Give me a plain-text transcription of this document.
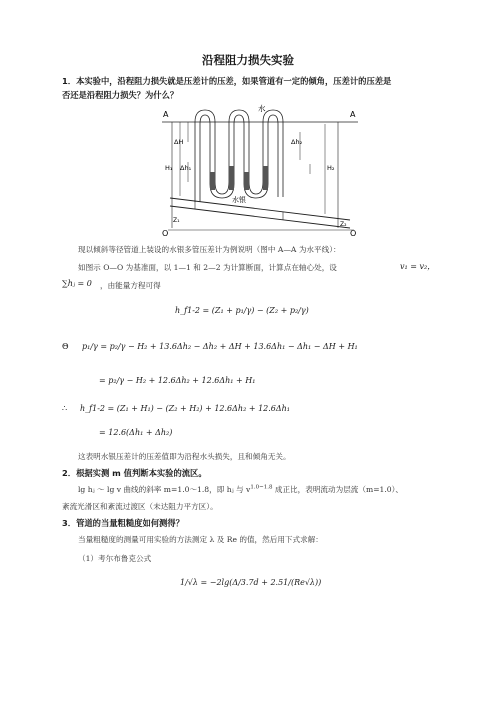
沿程阻力损失实验
1．本实验中，沿程阻力损失就是压差计的压差，如果管道有一定的倾角，压差计的压差是
否还是沿程阻力损失？为什么？
A	A
水
ΔH
Δh₁
H₁
Δh₂
H₂
水银
Z₁
Z₂
O	O
现以倾斜等径管道上装设的水银多管压差计为例说明（图中 A—A 为水平线）：
如图示 O—O 为基准面，以 1—1 和 2—2 为计算断面，计算点在轴心处，设	v₁ = v₂，
∑hⱼ = 0 ，由能量方程可得
h_f1-2 = (Z₁ + p₁/γ) − (Z₂ + p₂/γ)
Θ p₁/γ = p₂/γ − H₂ + 13.6Δh₂ − Δh₂ + ΔH + 13.6Δh₁ − Δh₁ − ΔH + H₁
= p₂/γ − H₂ + 12.6Δh₂ + 12.6Δh₁ + H₁
∴ h_f1-2 = (Z₁ + H₁) − (Z₂ + H₂) + 12.6Δh₂ + 12.6Δh₁
= 12.6(Δh₁ + Δh₂)
这表明水银压差计的压差值即为沿程水头损失，且和倾角无关。
2．根据实测 m 值判断本实验的流区。
lg hⱼ ～ lg v 曲线的斜率 m=1.0～1.8，即 hⱼ 与 $v^{1.0\sim 1.8}$ 成正比，表明流动为层流（m=1.0）、
紊流光滑区和紊流过渡区（未达阻力平方区）。
3．管道的当量粗糙度如何测得？
当量粗糙度的测量可用实验的方法测定 λ 及 Re 的值，然后用下式求解：
（1）考尔布鲁克公式
1/√λ = −2lg(Δ/3.7d + 2.51/(Re√λ))
